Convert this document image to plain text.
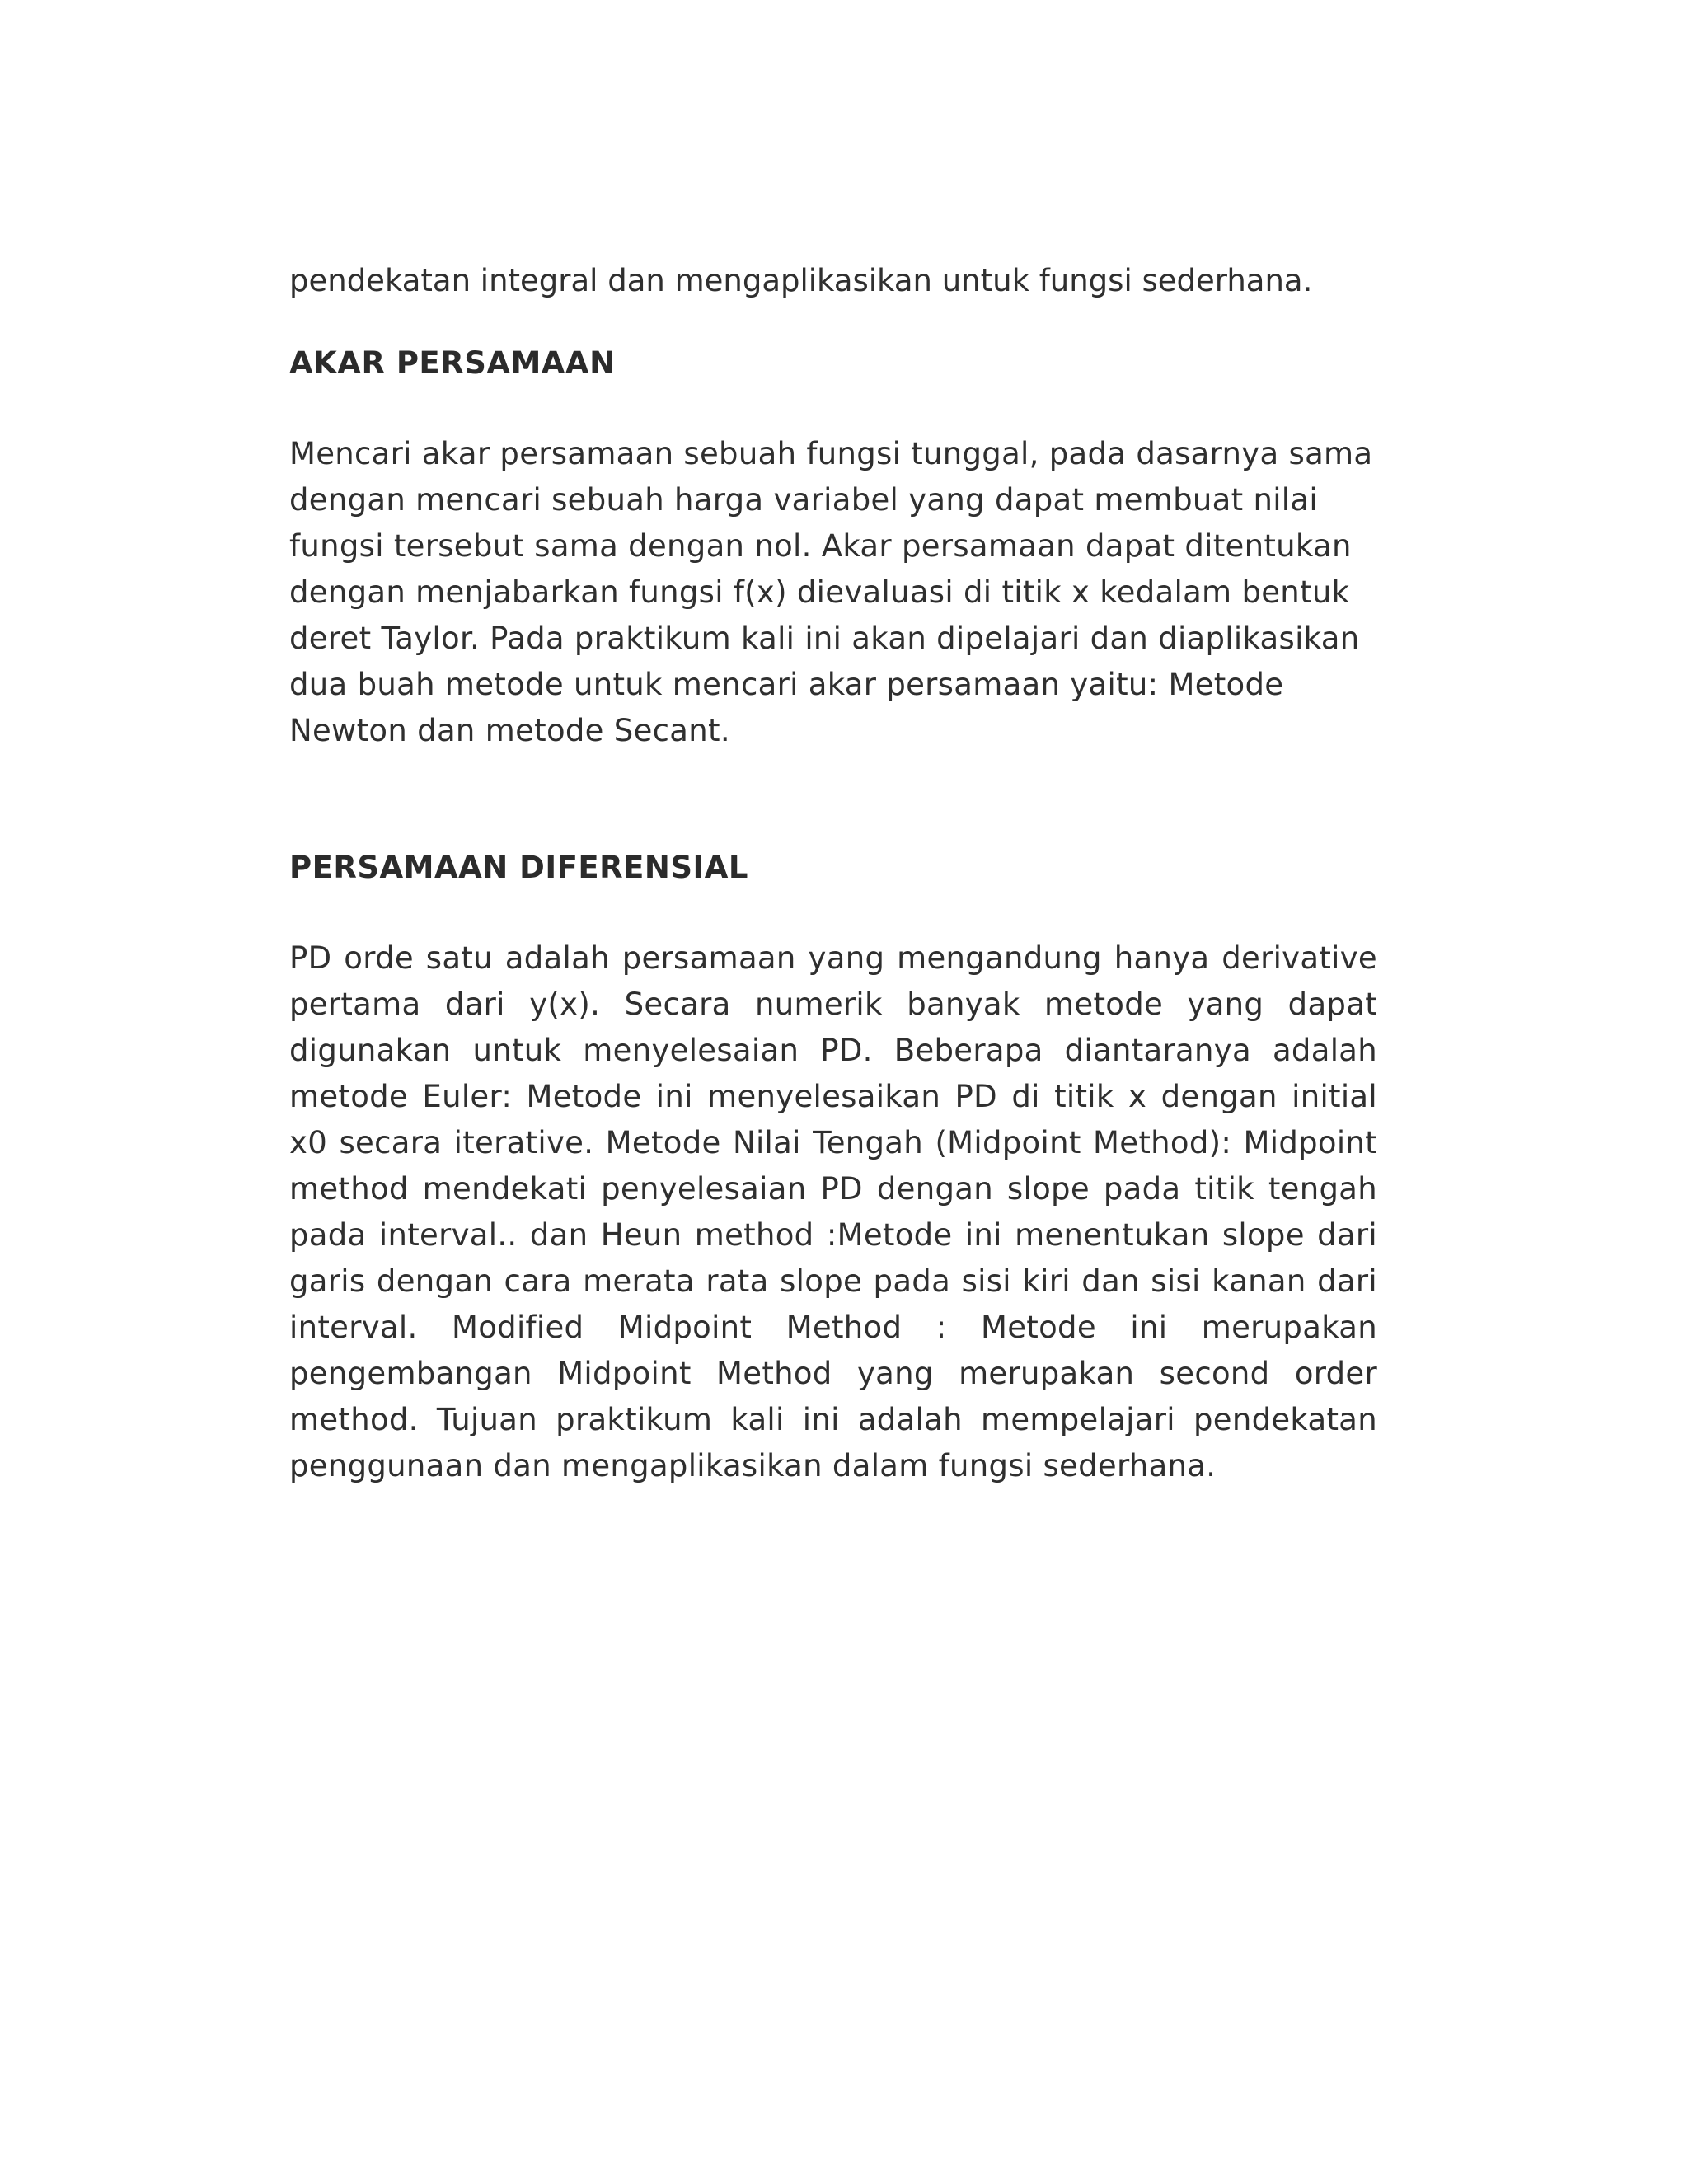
pendekatan integral dan mengaplikasikan untuk fungsi sederhana.

AKAR PERSAMAAN

Mencari akar persamaan sebuah fungsi tunggal, pada dasarnya sama dengan mencari sebuah harga variabel yang dapat membuat nilai fungsi tersebut sama dengan nol. Akar persamaan dapat ditentukan dengan menjabarkan fungsi f(x) dievaluasi di titik x kedalam bentuk deret Taylor. Pada praktikum kali ini akan dipelajari dan diaplikasikan dua buah metode untuk mencari akar persamaan yaitu: Metode Newton dan metode Secant.

PERSAMAAN DIFERENSIAL

PD orde satu adalah persamaan yang mengandung hanya derivative pertama dari y(x). Secara numerik banyak metode yang dapat digunakan untuk menyelesaian PD. Beberapa diantaranya adalah metode Euler: Metode ini menyelesaikan PD di titik x dengan initial x0 secara iterative. Metode Nilai Tengah (Midpoint Method): Midpoint method mendekati penyelesaian PD dengan slope pada titik tengah pada interval.. dan Heun method :Metode ini menentukan slope dari garis dengan cara merata rata slope pada sisi kiri dan sisi kanan dari interval. Modified Midpoint Method : Metode ini merupakan pengembangan Midpoint Method yang merupakan second order method. Tujuan praktikum kali ini adalah mempelajari pendekatan penggunaan dan mengaplikasikan dalam fungsi sederhana.
